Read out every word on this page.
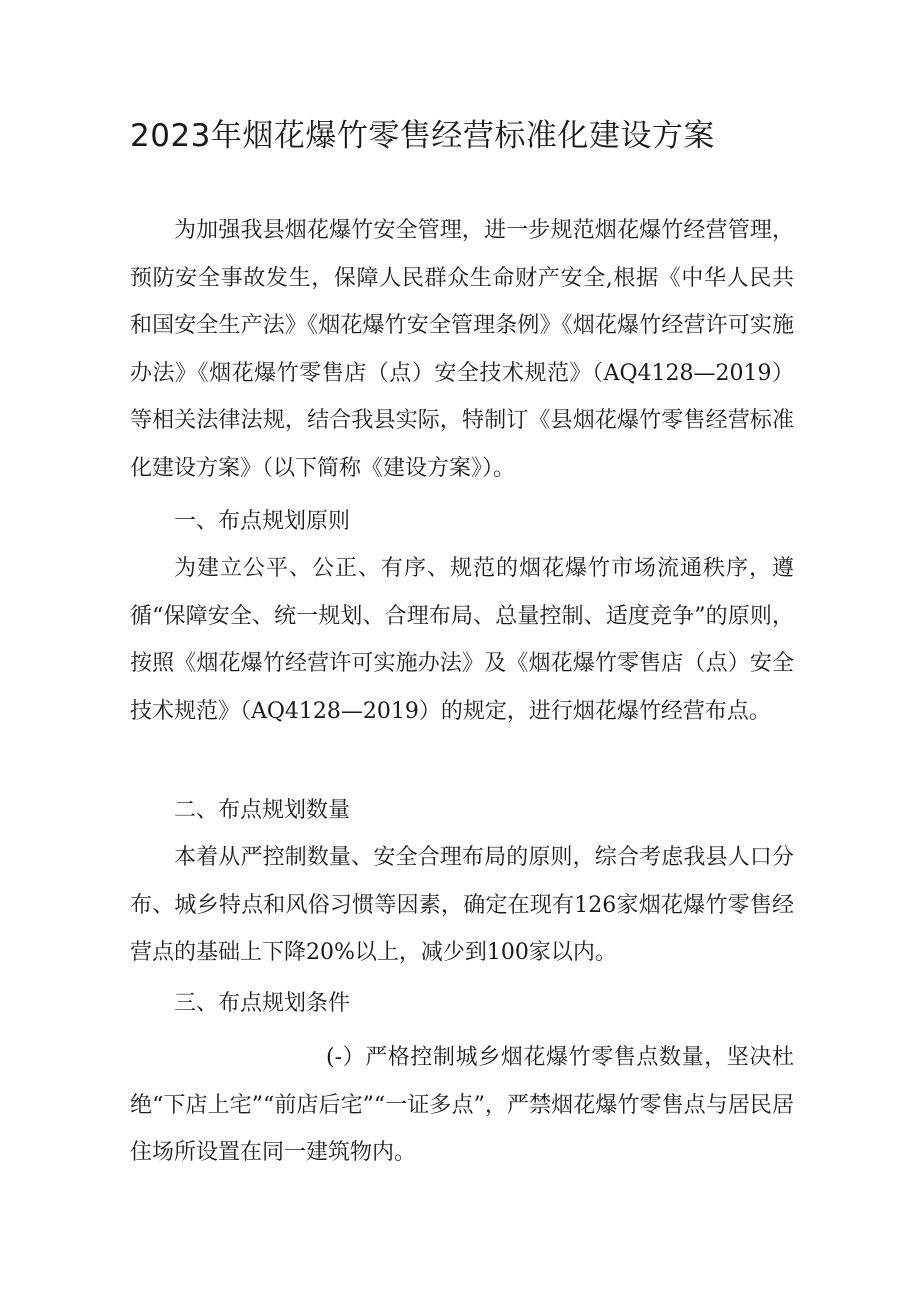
2023年烟花爆竹零售经营标准化建设方案

为加强我县烟花爆竹安全管理，进一步规范烟花爆竹经营管理，预防安全事故发生，保障人民群众生命财产安全,根据《中华人民共和国安全生产法》《烟花爆竹安全管理条例》《烟花爆竹经营许可实施办法》《烟花爆竹零售店（点）安全技术规范》（AQ4128—2019）等相关法律法规，结合我县实际，特制订《县烟花爆竹零售经营标准化建设方案》（以下简称《建设方案》）。

一、布点规划原则

为建立公平、公正、有序、规范的烟花爆竹市场流通秩序，遵循“保障安全、统一规划、合理布局、总量控制、适度竞争”的原则，按照《烟花爆竹经营许可实施办法》及《烟花爆竹零售店（点）安全技术规范》（AQ4128—2019）的规定，进行烟花爆竹经营布点。

二、布点规划数量

本着从严控制数量、安全合理布局的原则，综合考虑我县人口分布、城乡特点和风俗习惯等因素，确定在现有126家烟花爆竹零售经营点的基础上下降20%以上，减少到100家以内。

三、布点规划条件

(-）严格控制城乡烟花爆竹零售点数量，坚决杜绝“下店上宅”“前店后宅”“一证多点”，严禁烟花爆竹零售点与居民居住场所设置在同一建筑物内。
